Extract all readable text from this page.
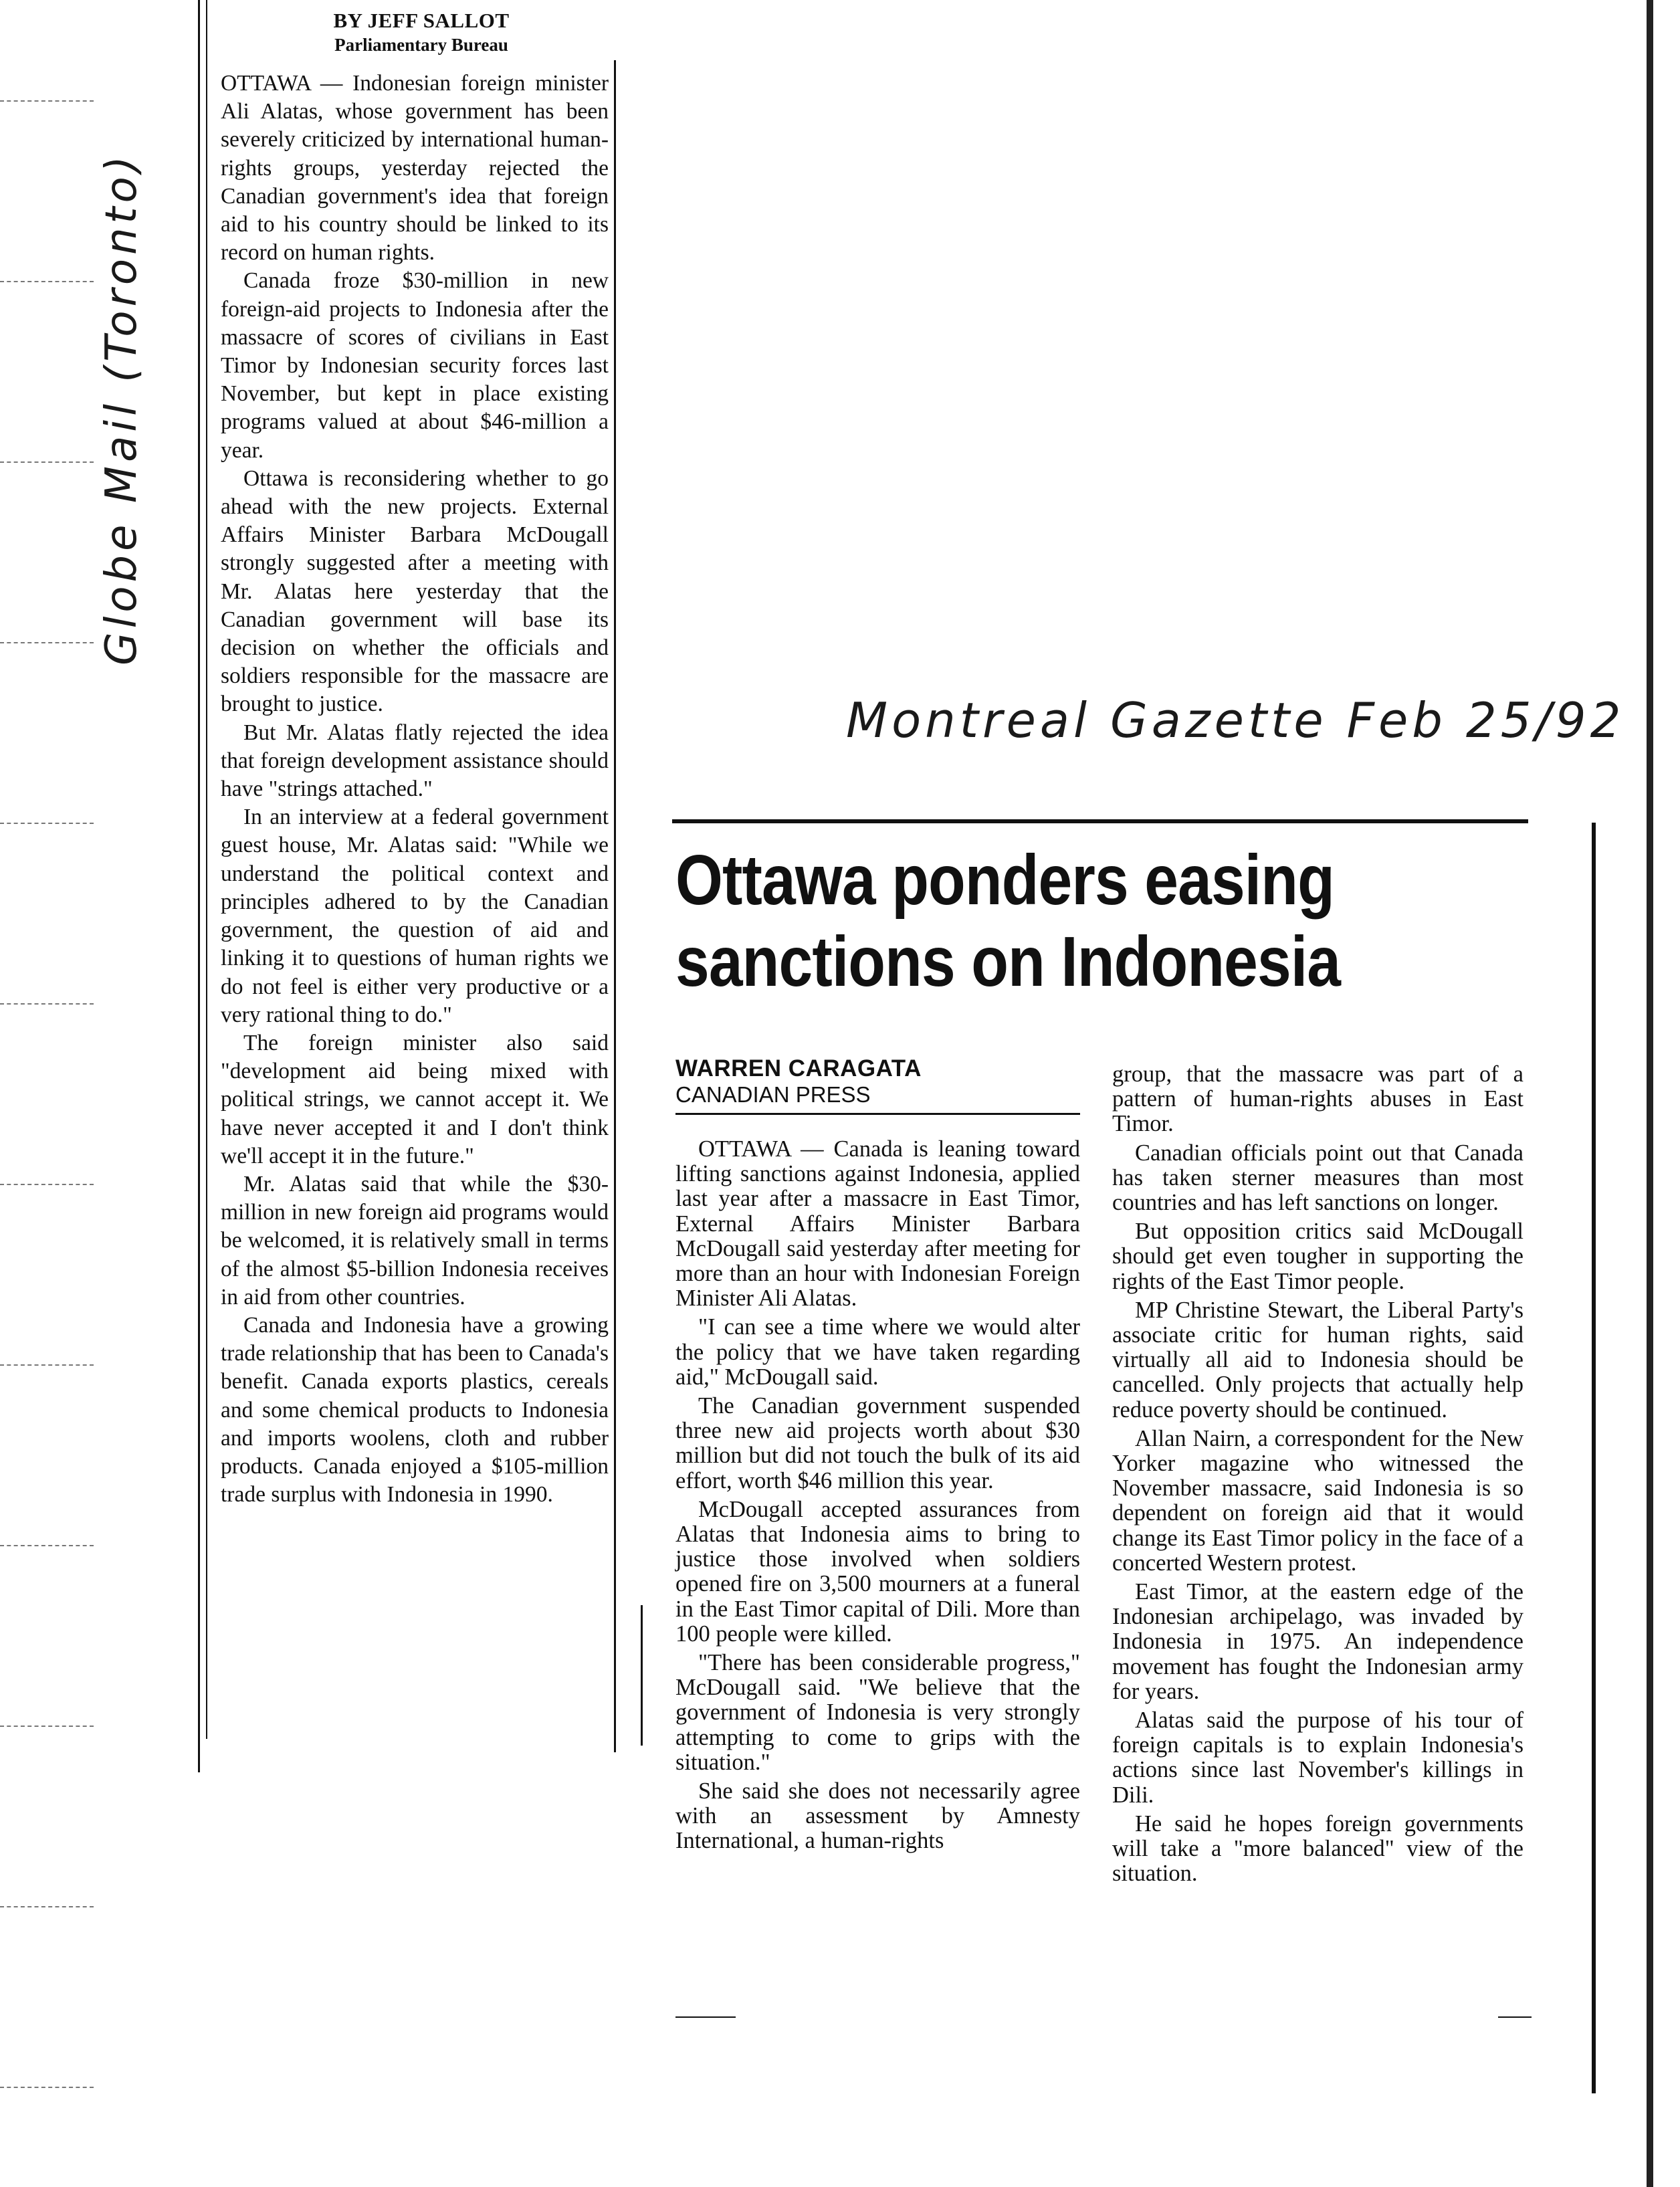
Globe Mail (Toronto)
BY JEFF SALLOT
Parliamentary Bureau

OTTAWA — Indonesian foreign minister Ali Alatas, whose government has been severely criticized by international human-rights groups, yesterday rejected the Canadian government's idea that foreign aid to his country should be linked to its record on human rights.

Canada froze $30-million in new foreign-aid projects to Indonesia after the massacre of scores of civilians in East Timor by Indonesian security forces last November, but kept in place existing programs valued at about $46-million a year.

Ottawa is reconsidering whether to go ahead with the new projects. External Affairs Minister Barbara McDougall strongly suggested after a meeting with Mr. Alatas here yesterday that the Canadian government will base its decision on whether the officials and soldiers responsible for the massacre are brought to justice.

But Mr. Alatas flatly rejected the idea that foreign development assistance should have "strings attached."

In an interview at a federal government guest house, Mr. Alatas said: "While we understand the political context and principles adhered to by the Canadian government, the question of aid and linking it to questions of human rights we do not feel is either very productive or a very rational thing to do."

The foreign minister also said "development aid being mixed with political strings, we cannot accept it. We have never accepted it and I don't think we'll accept it in the future."

Mr. Alatas said that while the $30-million in new foreign aid programs would be welcomed, it is relatively small in terms of the almost $5-billion Indonesia receives in aid from other countries.

Canada and Indonesia have a growing trade relationship that has been to Canada's benefit. Canada exports plastics, cereals and some chemical products to Indonesia and imports woolens, cloth and rubber products. Canada enjoyed a $105-million trade surplus with Indonesia in 1990.

Montreal Gazette Feb 25/92
Ottawa ponders easing sanctions on Indonesia
WARREN CARAGATA
CANADIAN PRESS

OTTAWA — Canada is leaning toward lifting sanctions against Indonesia, applied last year after a massacre in East Timor, External Affairs Minister Barbara McDougall said yesterday after meeting for more than an hour with Indonesian Foreign Minister Ali Alatas.

"I can see a time where we would alter the policy that we have taken regarding aid," McDougall said.

The Canadian government suspended three new aid projects worth about $30 million but did not touch the bulk of its aid effort, worth $46 million this year.

McDougall accepted assurances from Alatas that Indonesia aims to bring to justice those involved when soldiers opened fire on 3,500 mourners at a funeral in the East Timor capital of Dili. More than 100 people were killed.

"There has been considerable progress," McDougall said. "We believe that the government of Indonesia is very strongly attempting to come to grips with the situation."

She said she does not necessarily agree with an assessment by Amnesty International, a human-rights

group, that the massacre was part of a pattern of human-rights abuses in East Timor.

Canadian officials point out that Canada has taken sterner measures than most countries and has left sanctions on longer.

But opposition critics said McDougall should get even tougher in supporting the rights of the East Timor people.

MP Christine Stewart, the Liberal Party's associate critic for human rights, said virtually all aid to Indonesia should be cancelled. Only projects that actually help reduce poverty should be continued.

Allan Nairn, a correspondent for the New Yorker magazine who witnessed the November massacre, said Indonesia is so dependent on foreign aid that it would change its East Timor policy in the face of a concerted Western protest.

East Timor, at the eastern edge of the Indonesian archipelago, was invaded by Indonesia in 1975. An independence movement has fought the Indonesian army for years.

Alatas said the purpose of his tour of foreign capitals is to explain Indonesia's actions since last November's killings in Dili.

He said he hopes foreign governments will take a "more balanced" view of the situation.
